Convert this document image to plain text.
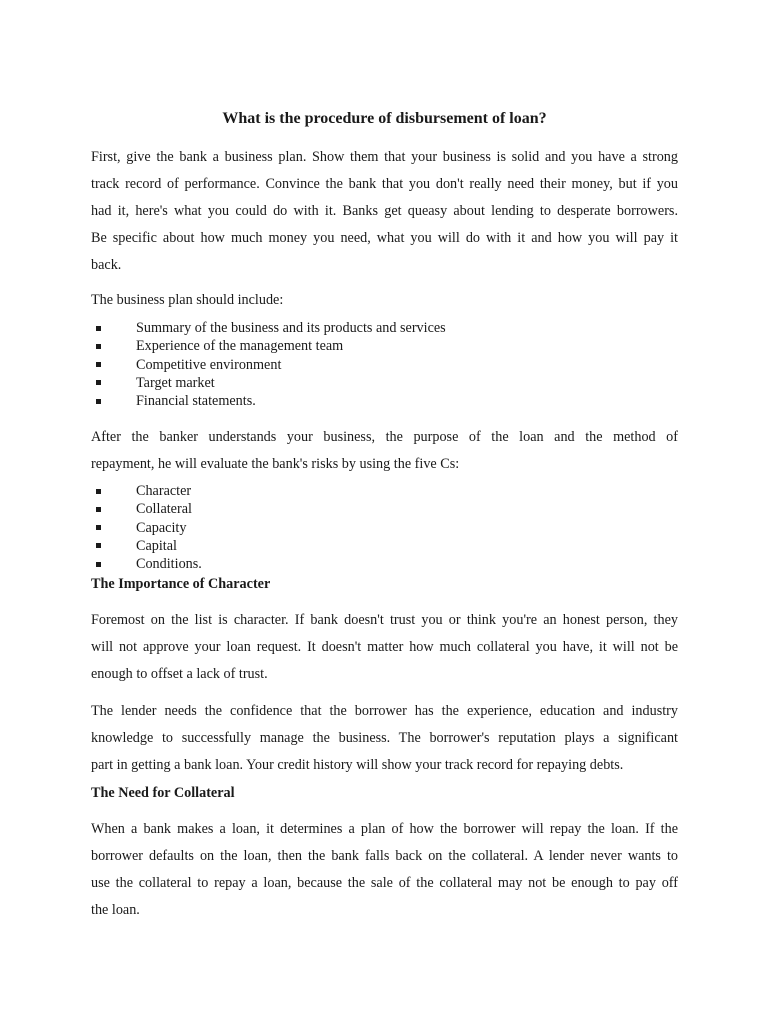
What is the procedure of disbursement of loan?

First, give the bank a business plan. Show them that your business is solid and you have a strong
track record of performance. Convince the bank that you don't really need their money, but if you
had it, here's what you could do with it. Banks get queasy about lending to desperate borrowers.
Be specific about how much money you need, what you will do with it and how you will pay it
back.

The business plan should include:

Summary of the business and its products and services
Experience of the management team
Competitive environment
Target market
Financial statements.

After the banker understands your business, the purpose of the loan and the method of
repayment, he will evaluate the bank's risks by using the five Cs:

Character
Collateral
Capacity
Capital
Conditions.
The Importance of Character

Foremost on the list is character. If bank doesn't trust you or think you're an honest person, they
will not approve your loan request. It doesn't matter how much collateral you have, it will not be
enough to offset a lack of trust.

The lender needs the confidence that the borrower has the experience, education and industry
knowledge to successfully manage the business. The borrower's reputation plays a significant
part in getting a bank loan. Your credit history will show your track record for repaying debts.

The Need for Collateral

When a bank makes a loan, it determines a plan of how the borrower will repay the loan. If the
borrower defaults on the loan, then the bank falls back on the collateral. A lender never wants to
use the collateral to repay a loan, because the sale of the collateral may not be enough to pay off
the loan.
